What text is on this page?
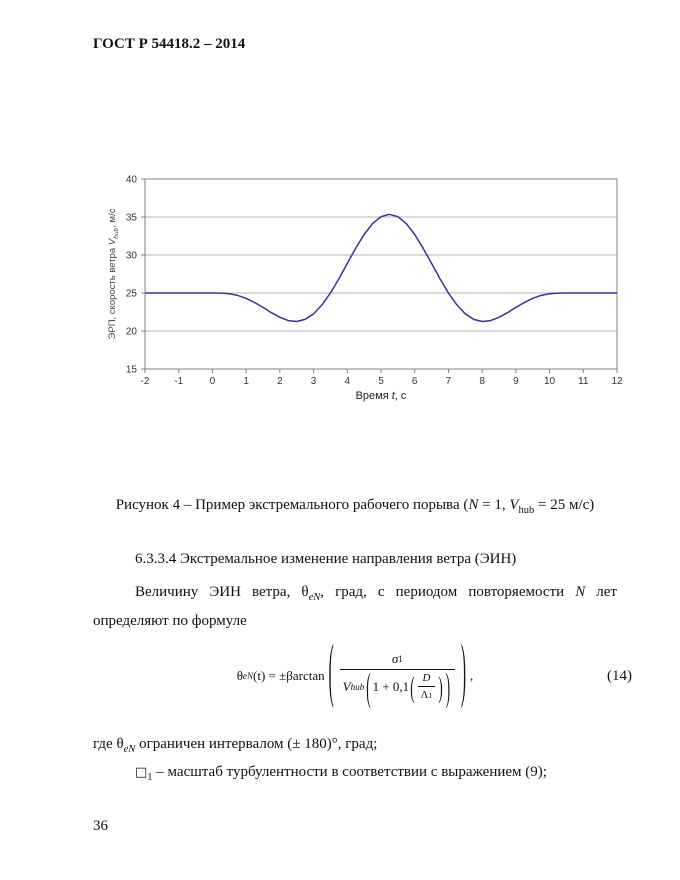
ГОСТ Р 54418.2 – 2014
ЭРП, скорость ветра $V_{hub}$, м/с
-2 -1	0	1	2	3	4	5	6	7	8	9	10 11 12
15
20
25
30
35
40
Время t, с
Рисунок 4 – Пример экстремального рабочего порыва (N = 1, $V_{hub} = 25$ м/с)
6.3.3.4 Экстремальное изменение направления ветра (ЭИН)
Величину ЭИН ветра, $\theta_{eN}$, град, с периодом повторяемости N лет
определяют по формуле
θ eN (t) = ±β arctan (	σ 1
V hub ( 1 + 0,1 ( $\frac{D}{\Lambda 1}$ ) ) ) ,	(14)
где $\theta_{eN}$ ограничен интервалом (± 180)°, град;
$□_1$ – масштаб турбулентности в соответствии с выражением (9);
36
